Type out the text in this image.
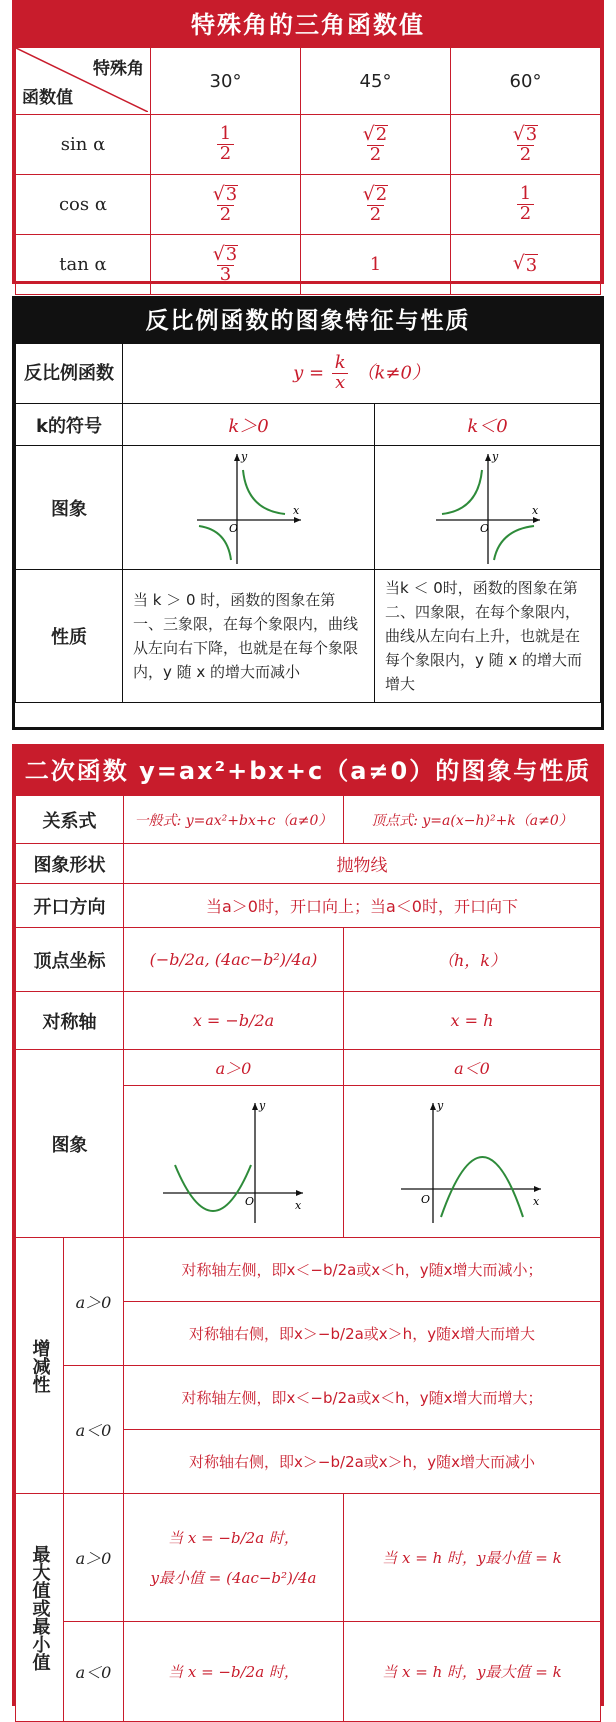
特殊角的三角函数值
特殊角
函数值	30°	45°	60°
sin α	$\frac{1}{2}$	$\frac{√ 2}{2}$	$\frac{√ 3}{2}$

cos α	$\frac{√ 3}{2}$	$\frac{√ 2}{2}$	$\frac{1}{2}$

tan α	$\frac{√ 3}{3}$	1	√ 3
反比例函数的图象特征与性质
反比例函数	$y = \frac{k}{x} (k\ne 0)$	
k的符号	k＞0	k＜0
图象	O
x
y	O
x
y

性质	当 k ＞ 0 时，函数的图象在第一、三象限，在每个象限内，曲线从左向右下降，也就是在每个象限内，y 随 x 的增大而减小	当k ＜ 0时，函数的图象在第二、四象限，在每个象限内，曲线从左向右上升，也就是在每个象限内，y 随 x 的增大而增大
二次函数 y=ax²+bx+c（a≠0）的图象与性质
关系式		一般式: y=ax²+bx+c（a≠0）	顶点式: y=a(x−h)²+k（a≠0）
图象形状		抛物线	
开口方向		当a＞0时，开口向上；当a＜0时，开口向下	
顶点坐标		(−b/2a, (4ac−b²)/4a)	（h，k）
对称轴		x = −b/2a	x = h
图象		a＞0	a＜0

O x
y	O x
y

增减性	a＞0	对称轴左侧，即x＜−b/2a或x＜h，y随x增大而减小；	
		对称轴右侧，即x＞−b/2a或x＞h，y随x增大而增大	
	a＜0	对称轴左侧，即x＜−b/2a或x＜h，y随x增大而增大；	
		对称轴右侧，即x＞−b/2a或x＞h，y随x增大而减小	
最大值或最小值	a＞0	当 x = −b/2a 时，
y最小值 = (4ac−b²)/4a	当 x = h 时，y最小值 = k
	a＜0	当 x = −b/2a 时，	当 x = h 时，y最大值 = k
